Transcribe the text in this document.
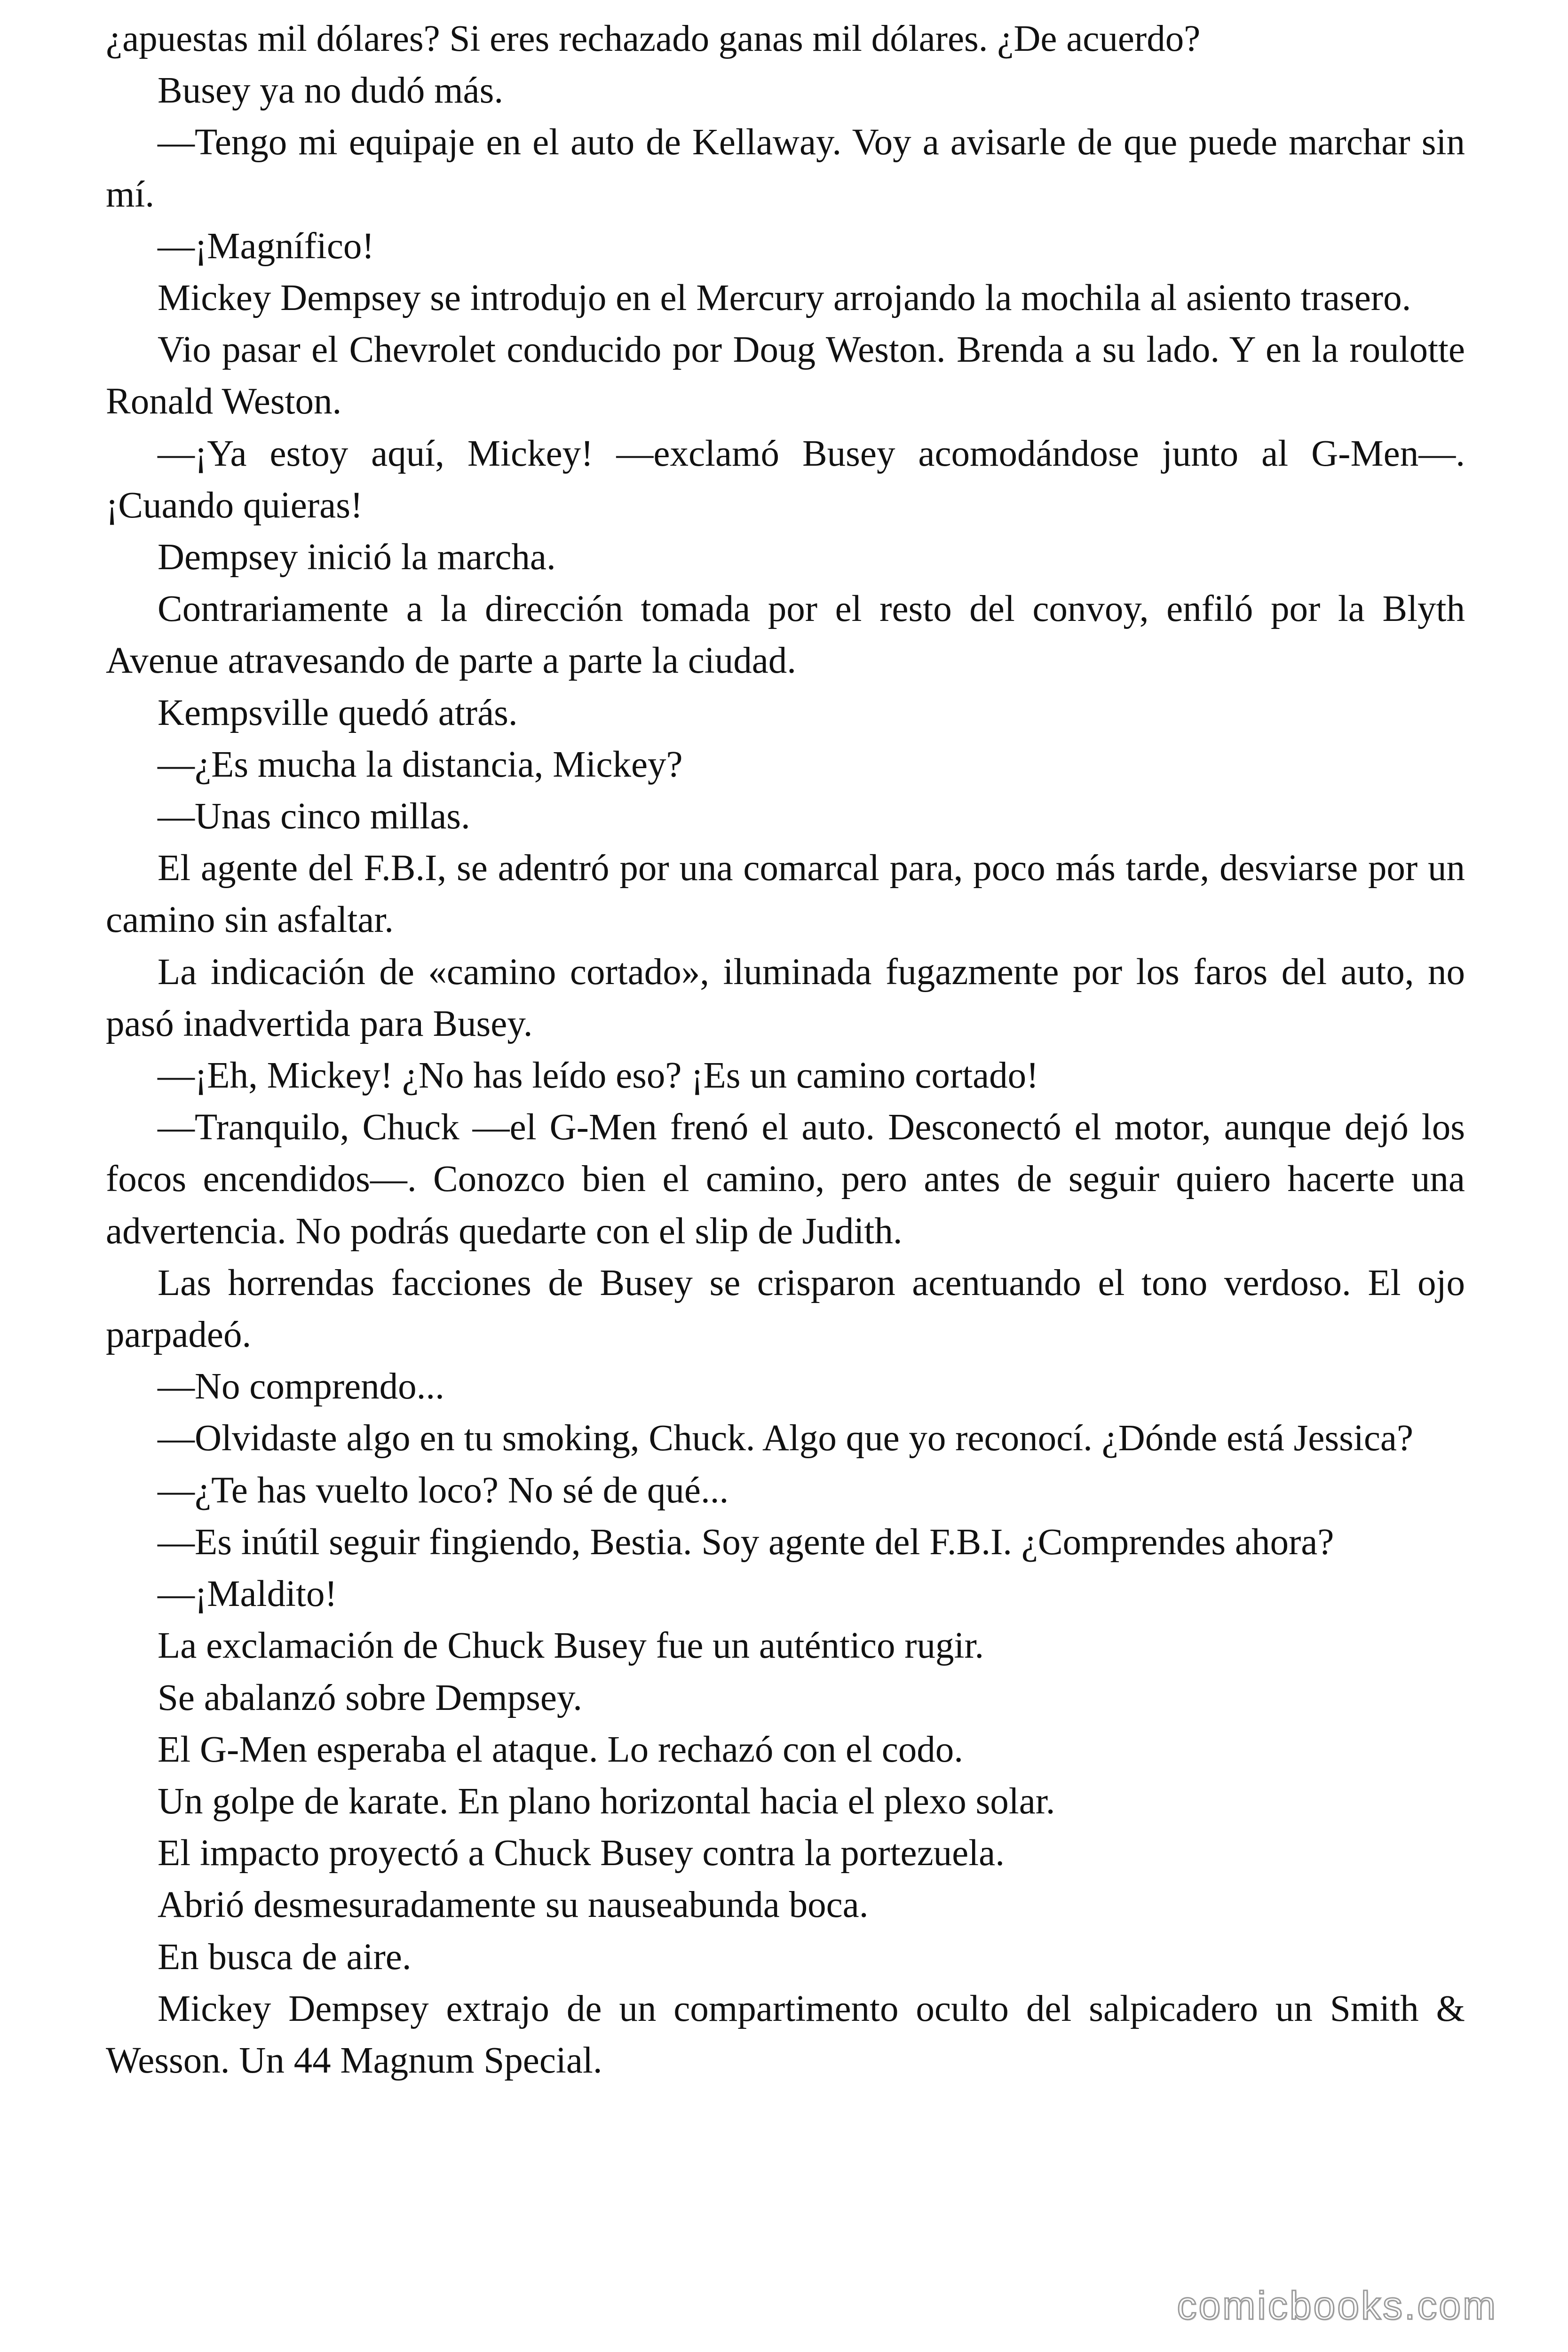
¿apuestas mil dólares? Si eres rechazado ganas mil dólares. ¿De acuerdo?

Busey ya no dudó más.

—Tengo mi equipaje en el auto de Kellaway. Voy a avisarle de que puede marchar sin mí.

—¡Magnífico!

Mickey Dempsey se introdujo en el Mercury arrojando la mochila al asiento trasero.

Vio pasar el Chevrolet conducido por Doug Weston. Brenda a su lado. Y en la roulotte Ronald Weston.

—¡Ya estoy aquí, Mickey! —exclamó Busey acomodándose junto al G-Men—. ¡Cuando quieras!

Dempsey inició la marcha.

Contrariamente a la dirección tomada por el resto del convoy, enfiló por la Blyth Avenue atravesando de parte a parte la ciudad.

Kempsville quedó atrás.

—¿Es mucha la distancia, Mickey?

—Unas cinco millas.

El agente del F.B.I, se adentró por una comarcal para, poco más tarde, desviarse por un camino sin asfaltar.

La indicación de «camino cortado», iluminada fugazmente por los faros del auto, no pasó inadvertida para Busey.

—¡Eh, Mickey! ¿No has leído eso? ¡Es un camino cortado!

—Tranquilo, Chuck —el G-Men frenó el auto. Desconectó el motor, aunque dejó los focos encendidos—. Conozco bien el camino, pero antes de seguir quiero hacerte una advertencia. No podrás quedarte con el slip de Judith.

Las horrendas facciones de Busey se crisparon acentuando el tono verdoso. El ojo parpadeó.

—No comprendo...

—Olvidaste algo en tu smoking, Chuck. Algo que yo reconocí. ¿Dónde está Jessica?

—¿Te has vuelto loco? No sé de qué...

—Es inútil seguir fingiendo, Bestia. Soy agente del F.B.I. ¿Comprendes ahora?

—¡Maldito!

La exclamación de Chuck Busey fue un auténtico rugir.

Se abalanzó sobre Dempsey.

El G-Men esperaba el ataque. Lo rechazó con el codo.

Un golpe de karate. En plano horizontal hacia el plexo solar.

El impacto proyectó a Chuck Busey contra la portezuela.

Abrió desmesuradamente su nauseabunda boca.

En busca de aire.

Mickey Dempsey extrajo de un compartimento oculto del salpicadero un Smith & Wesson. Un 44 Magnum Special.

comicbooks.com
